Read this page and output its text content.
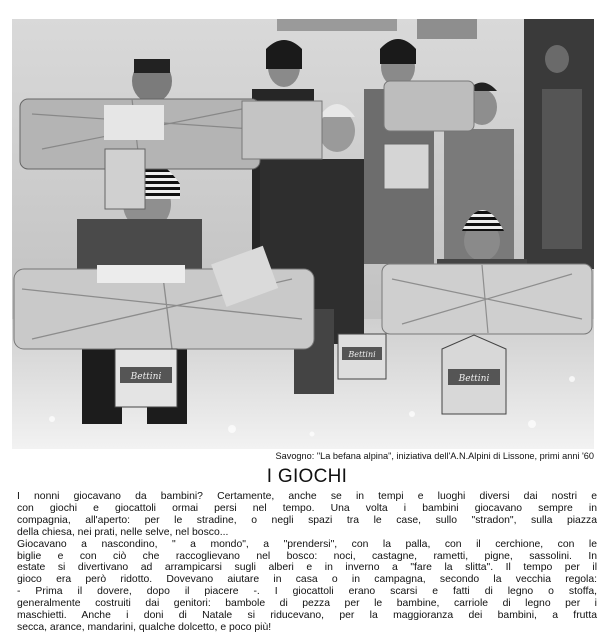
Bettini
Bettini
Bettini
Savogno: "La befana alpina", iniziativa dell'A.N.Alpini di Lissone, primi anni '60
I GIOCHI
I nonni giocavano da bambini? Certamente, anche se in tempi e luoghi diversi dai nostri e
con giochi e giocattoli ormai persi nel tempo. Una volta i bambini giocavano sempre in
compagnia, all'aperto: per le stradine, o negli spazi tra le case, sullo "stradon", sulla piazza
della chiesa, nei prati, nelle selve, nel bosco...
Giocavano a nascondino, " a mondo", a "prendersi", con la palla, con il cerchione, con le
biglie e con ciò che raccoglievano nel bosco: noci, castagne, rametti, pigne, sassolini. In
estate si divertivano ad arrampicarsi sugli alberi e in inverno a "fare la slitta". Il tempo per il
gioco era però ridotto. Dovevano aiutare in casa o in campagna, secondo la vecchia regola:
- Prima il dovere, dopo il piacere -. I giocattoli erano scarsi e fatti di legno o stoffa,
generalmente costruiti dai genitori: bambole di pezza per le bambine, carriole di legno per i
maschietti. Anche i doni di Natale si riducevano, per la maggioranza dei bambini, a frutta
secca, arance, mandarini, qualche dolcetto, e poco più!
